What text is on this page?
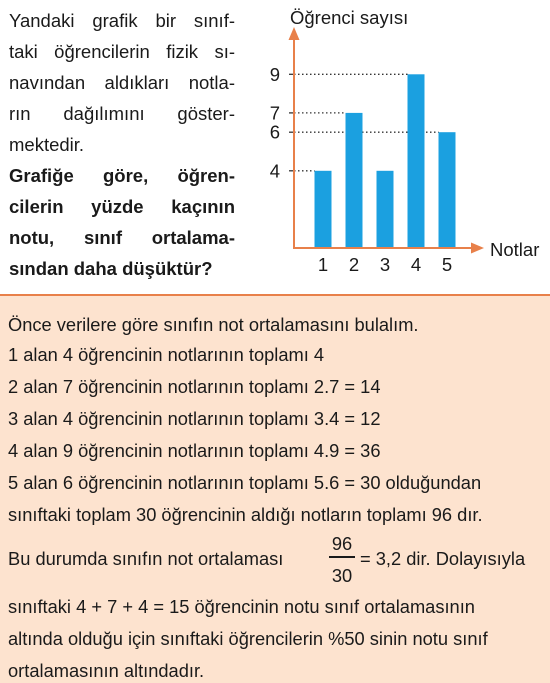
Yandaki grafik bir sınıf-
taki öğrencilerin fizik sı-
navından aldıkları notla-
rın dağılımını göster-
mektedir.
Grafiğe göre, öğren-
cilerin yüzde kaçının
notu, sınıf ortalama-
sından daha düşüktür?
Öğrenci sayısı
Notlar
4
6
7
9
1 2 3 4 5
Önce verilere göre sınıfın not ortalamasını bulalım.
1 alan 4 öğrencinin notlarının toplamı 4
2 alan 7 öğrencinin notlarının toplamı 2.7 = 14
3 alan 4 öğrencinin notlarının toplamı 3.4 = 12
4 alan 9 öğrencinin notlarının toplamı 4.9 = 36
5 alan 6 öğrencinin notlarının toplamı 5.6 = 30 olduğundan
sınıftaki toplam 30 öğrencinin aldığı notların toplamı 96 dır.
Bu durumda sınıfın not ortalaması
96
30
= 3,2 dir. Dolayısıyla
sınıftaki 4 + 7 + 4 = 15 öğrencinin notu sınıf ortalamasının
altında olduğu için sınıftaki öğrencilerin %50 sinin notu sınıf
ortalamasının altındadır.
